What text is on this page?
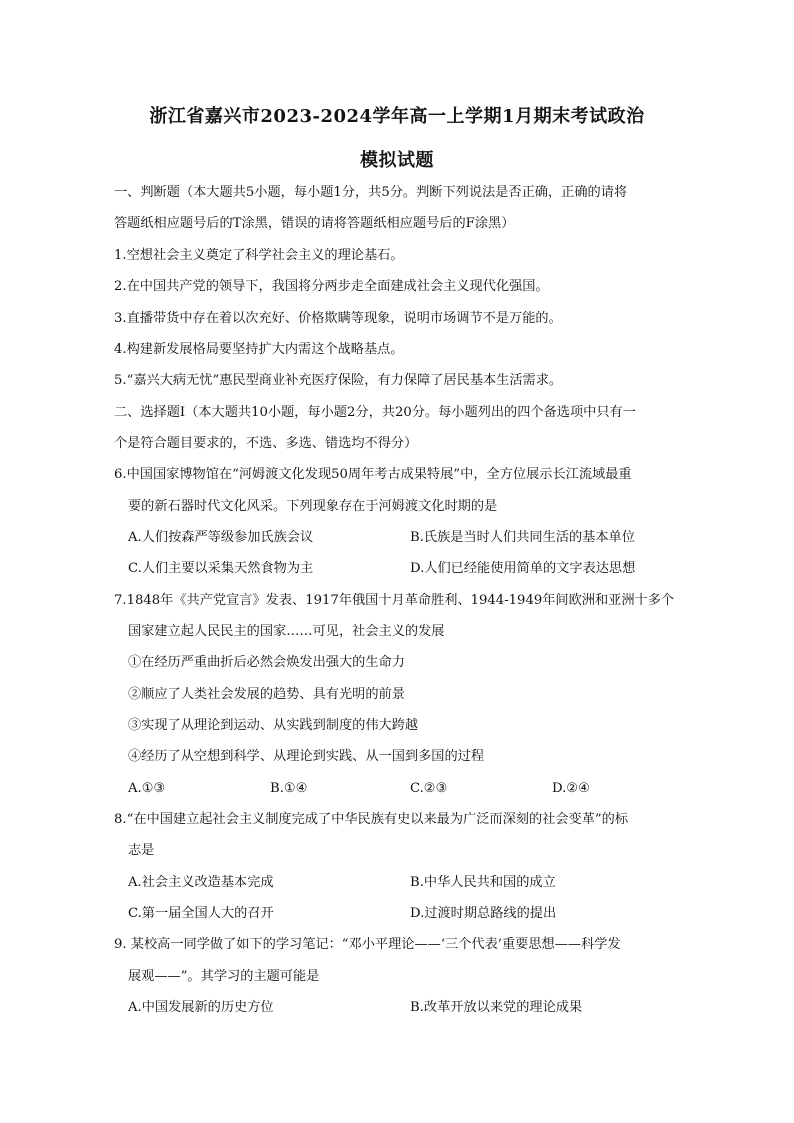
浙江省嘉兴市2023-2024学年高一上学期1月期末考试政治
模拟试题
一、判断题（本大题共5小题，每小题1分，共5分。判断下列说法是否正确，正确的请将
答题纸相应题号后的T涂黑，错误的请将答题纸相应题号后的F涂黑）
1.空想社会主义奠定了科学社会主义的理论基石。
2.在中国共产党的领导下，我国将分两步走全面建成社会主义现代化强国。
3.直播带货中存在着以次充好、价格欺瞒等现象，说明市场调节不是万能的。
4.构建新发展格局要坚持扩大内需这个战略基点。
5.“嘉兴大病无忧”惠民型商业补充医疗保险，有力保障了居民基本生活需求。
二、选择题Ⅰ（本大题共10小题，每小题2分，共20分。每小题列出的四个备选项中只有一
个是符合题目要求的，不选、多选、错选均不得分）
6.中国国家博物馆在“河姆渡文化发现50周年考古成果特展”中，全方位展示长江流域最重
要的新石器时代文化风采。下列现象存在于河姆渡文化时期的是
A.人们按森严等级参加氏族会议	B.氏族是当时人们共同生活的基本单位
C.人们主要以采集天然食物为主	D.人们已经能使用简单的文字表达思想
7.1848年《共产党宣言》发表、1917年俄国十月革命胜利、1944-1949年间欧洲和亚洲十多个
国家建立起人民民主的国家……可见，社会主义的发展
①在经历严重曲折后必然会焕发出强大的生命力
②顺应了人类社会发展的趋势、具有光明的前景
③实现了从理论到运动、从实践到制度的伟大跨越
④经历了从空想到科学、从理论到实践、从一国到多国的过程
A.①③	B.①④	C.②③	D.②④
8.“在中国建立起社会主义制度完成了中华民族有史以来最为广泛而深刻的社会变革”的标
志是
A.社会主义改造基本完成	B.中华人民共和国的成立
C.第一届全国人大的召开	D.过渡时期总路线的提出
9. 某校高一同学做了如下的学习笔记：“邓小平理论——‘三个代表’重要思想——科学发
展观——”。其学习的主题可能是
A.中国发展新的历史方位	B.改革开放以来党的理论成果
